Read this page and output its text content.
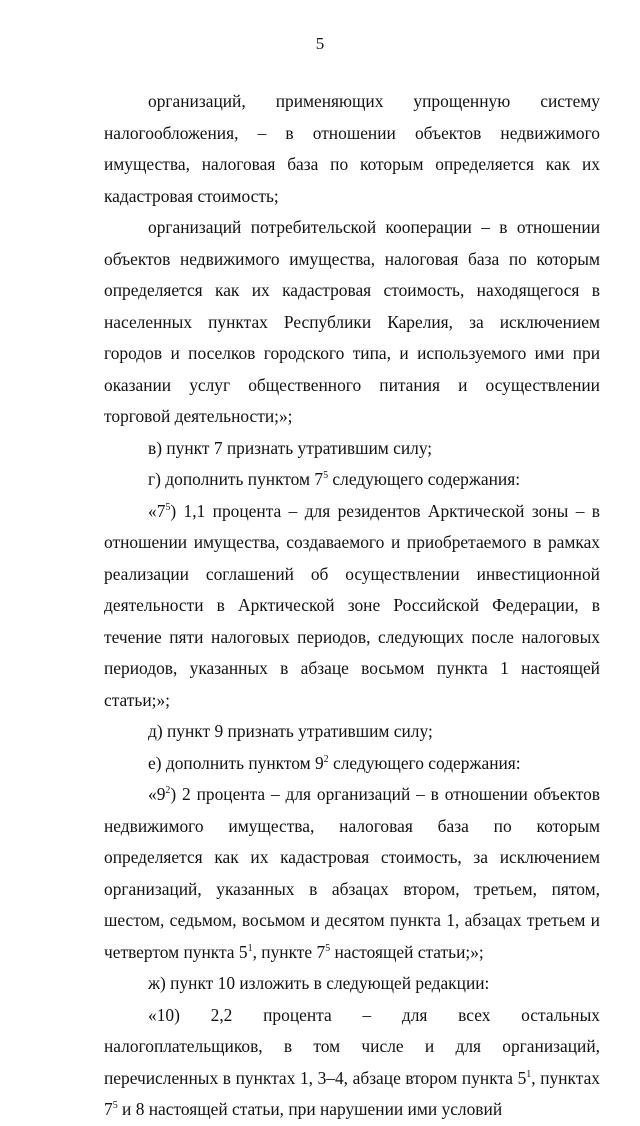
5

организаций, применяющих упрощенную систему налогообложения, – в отношении объектов недвижимого имущества, налоговая база по которым определяется как их кадастровая стоимость;

организаций потребительской кооперации – в отношении объектов недвижимого имущества, налоговая база по которым определяется как их кадастровая стоимость, находящегося в населенных пунктах Республики Карелия, за исключением городов и поселков городского типа, и используемого ими при оказании услуг общественного питания и осуществлении торговой деятельности;»;

в) пункт 7 признать утратившим силу;

г) дополнить пунктом $7^5$ следующего содержания:

«$7^5$) 1,1 процента – для резидентов Арктической зоны – в отношении имущества, создаваемого и приобретаемого в рамках реализации соглашений об осуществлении инвестиционной деятельности в Арктической зоне Российской Федерации, в течение пяти налоговых периодов, следующих после налоговых периодов, указанных в абзаце восьмом пункта 1 настоящей статьи;»;

д) пункт 9 признать утратившим силу;

е) дополнить пунктом $9^2$ следующего содержания:

«$9^2$) 2 процента – для организаций – в отношении объектов недвижимого имущества, налоговая база по которым определяется как их кадастровая стоимость, за исключением организаций, указанных в абзацах втором, третьем, пятом, шестом, седьмом, восьмом и десятом пункта 1, абзацах третьем и четвертом пункта $5^1$, пункте $7^5$ настоящей статьи;»;

ж) пункт 10 изложить в следующей редакции:

«10) 2,2 процента – для всех остальных налогоплательщиков, в том числе и для организаций, перечисленных в пунктах 1, 3–4, абзаце втором пункта $5^1$, пунктах $7^5$ и 8 настоящей статьи, при нарушении ими условий
